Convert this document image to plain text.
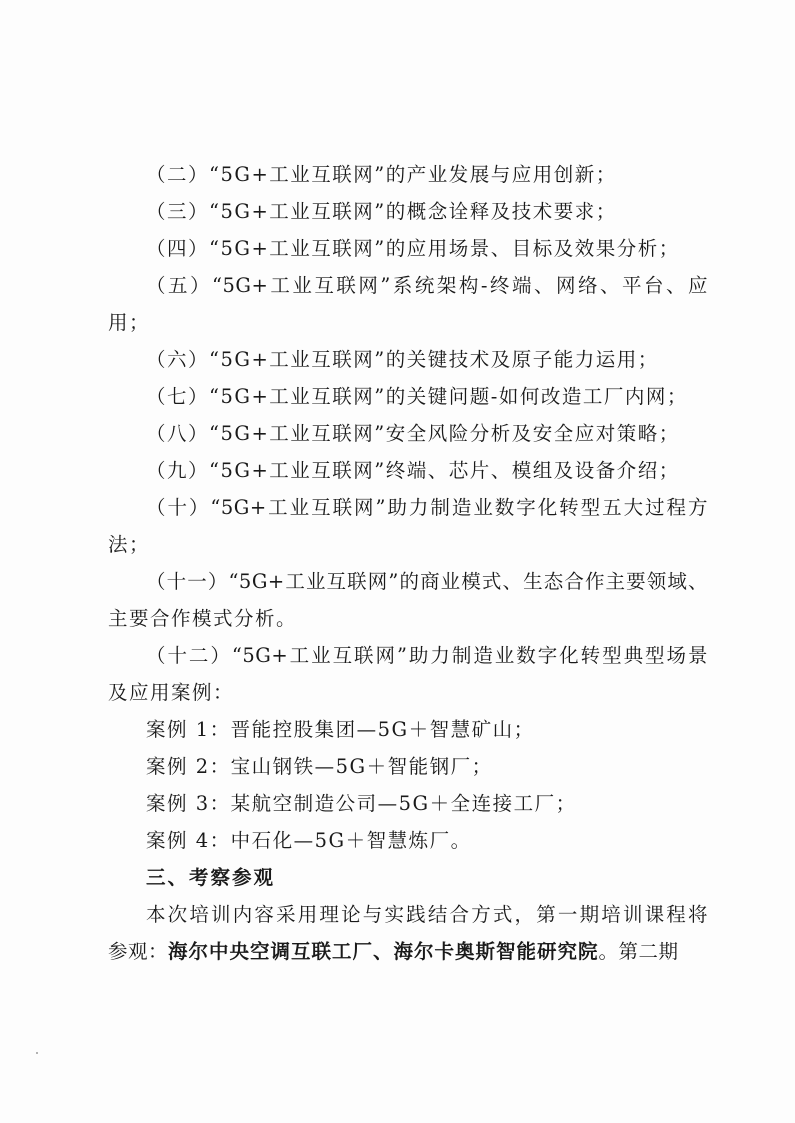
（二）“5G+工业互联网”的产业发展与应用创新；
（三）“5G+工业互联网”的概念诠释及技术要求；
（四）“5G+工业互联网”的应用场景、目标及效果分析；
（五）“5G+工业互联网”系统架构-终端、网络、平台、应
用；
（六）“5G+工业互联网”的关键技术及原子能力运用；
（七）“5G+工业互联网”的关键问题-如何改造工厂内网；
（八）“5G+工业互联网”安全风险分析及安全应对策略；
（九）“5G+工业互联网”终端、芯片、模组及设备介绍；
（十）“5G+工业互联网”助力制造业数字化转型五大过程方
法；
（十一）“5G+工业互联网”的商业模式、生态合作主要领域、
主要合作模式分析。
（十二）“5G+工业互联网”助力制造业数字化转型典型场景
及应用案例：
案例 1：晋能控股集团—5G＋智慧矿山；
案例 2：宝山钢铁—5G＋智能钢厂；
案例 3：某航空制造公司—5G＋全连接工厂；
案例 4：中石化—5G＋智慧炼厂。
三、考察参观
本次培训内容采用理论与实践结合方式，第一期培训课程将
参观：海尔中央空调互联工厂、海尔卡奥斯智能研究院。第二期
